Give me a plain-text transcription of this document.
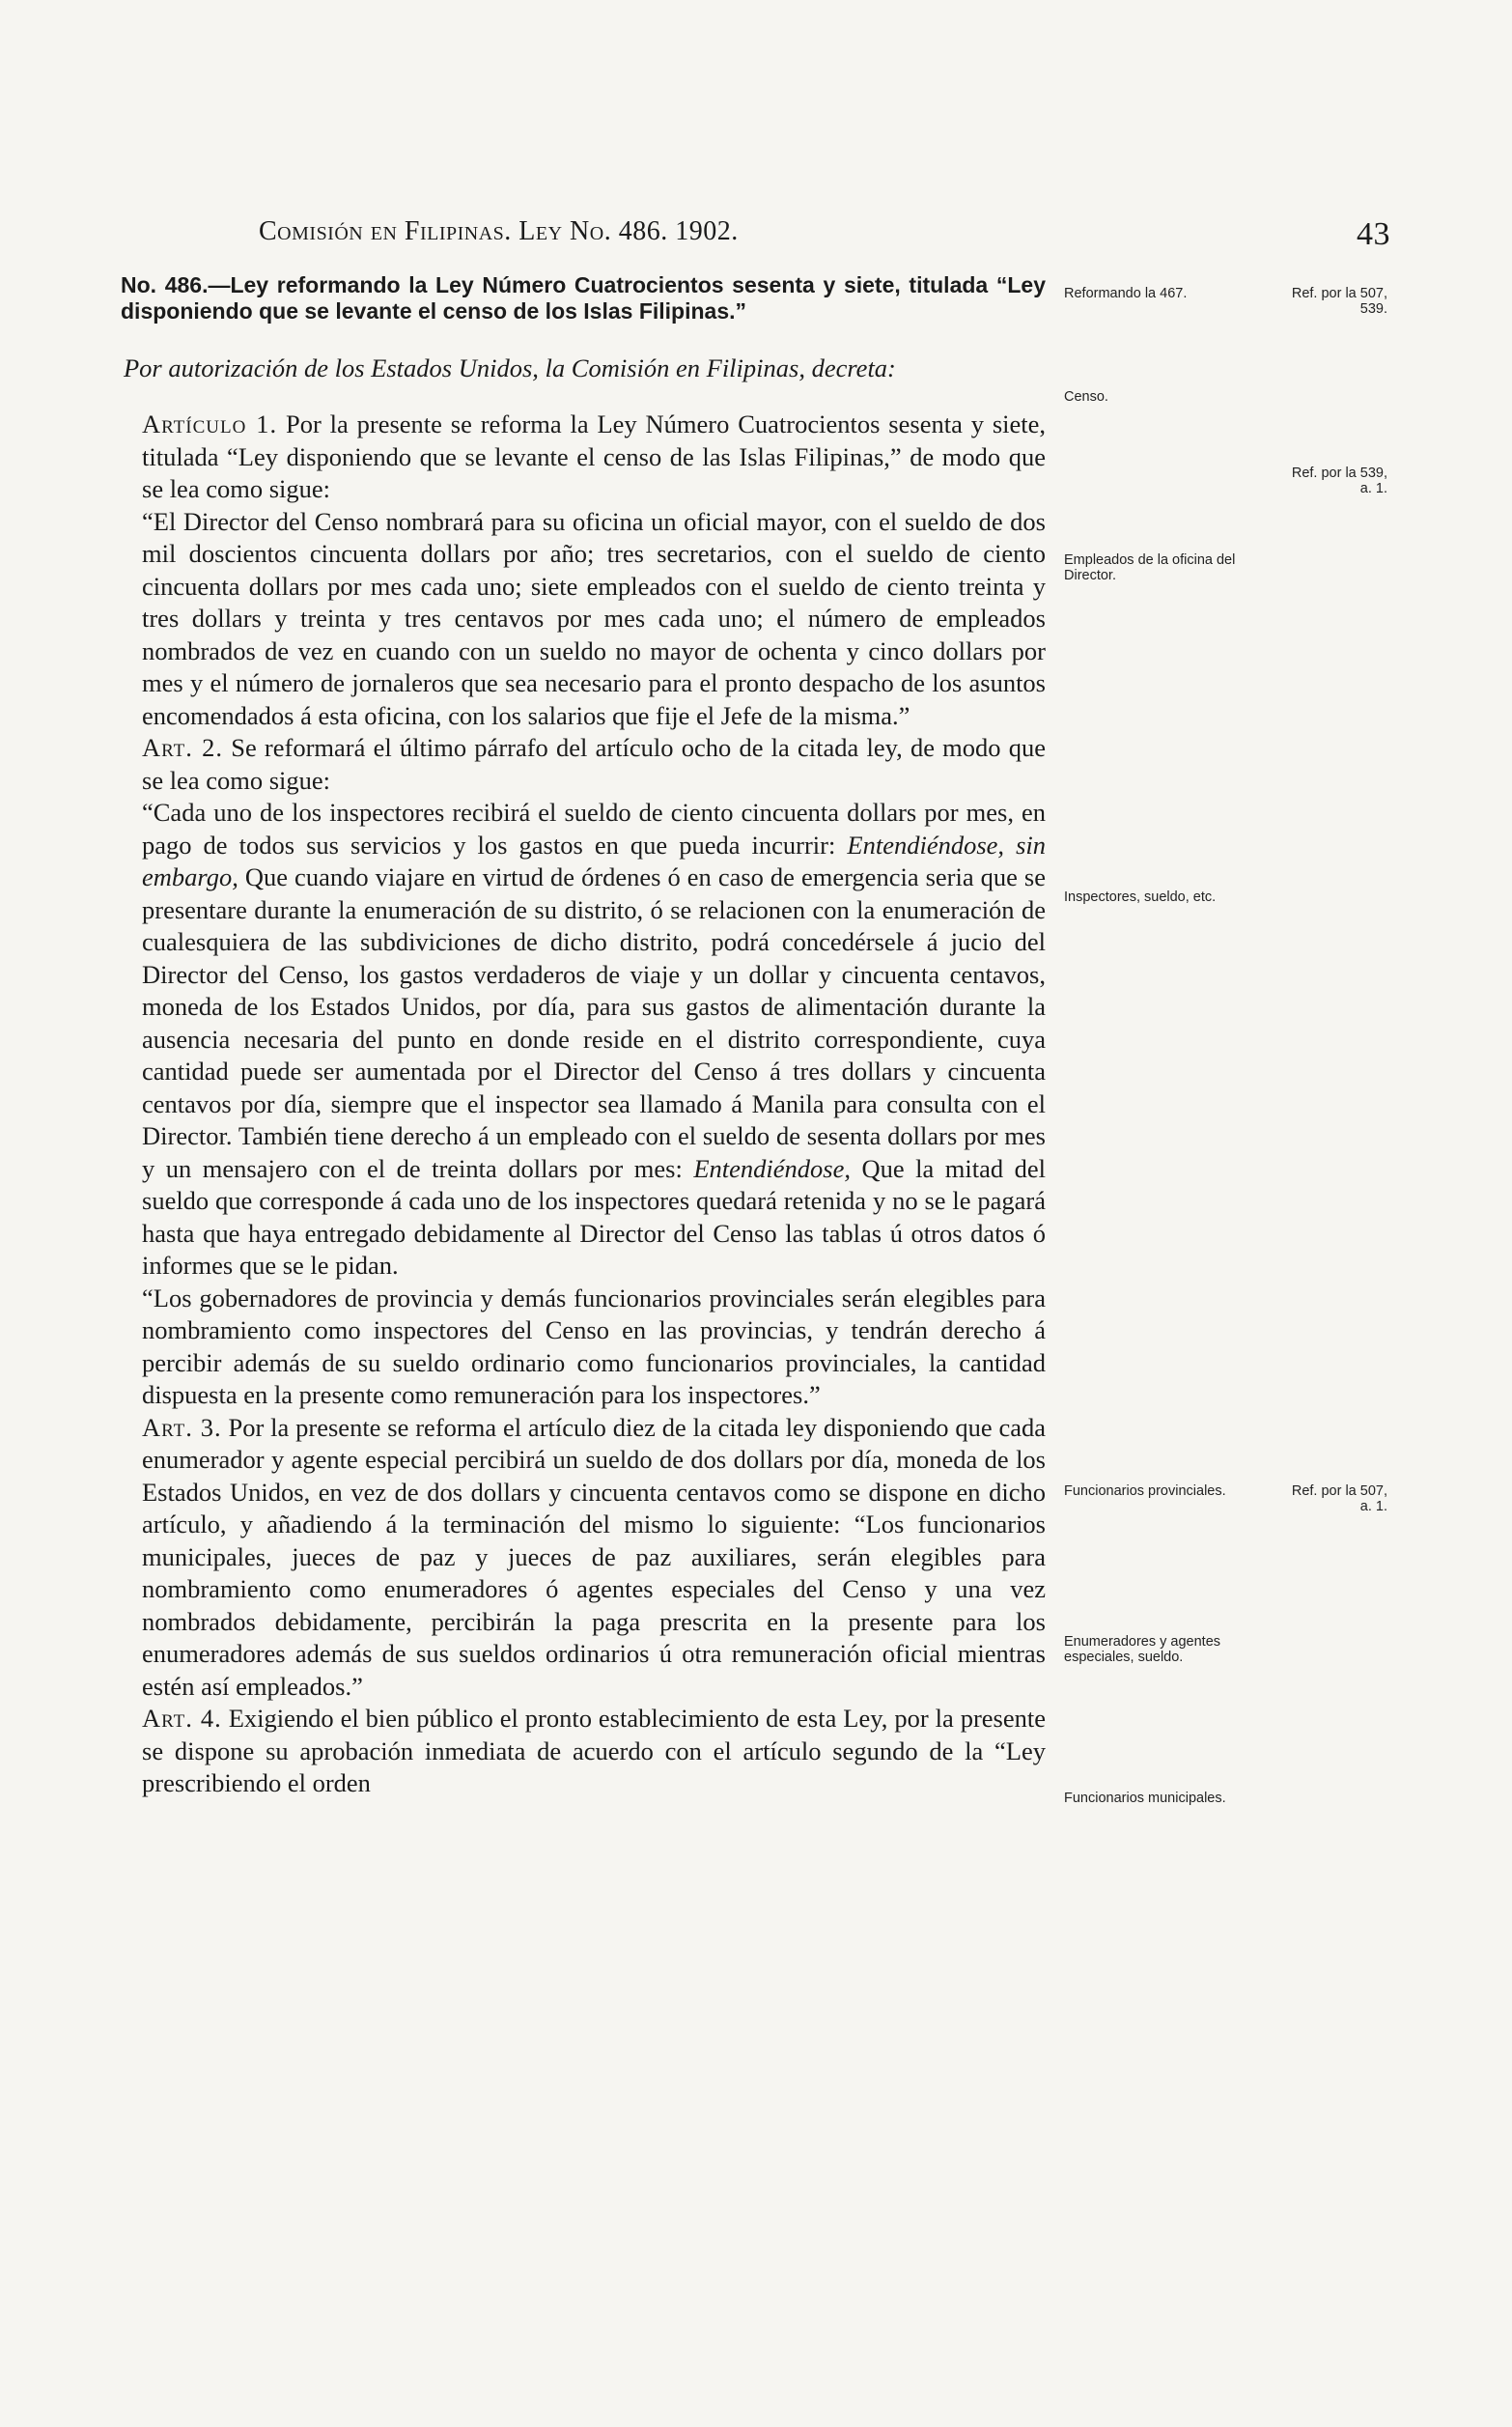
Comisión en Filipinas. Ley No. 486. 1902.	43

No. 486.—Ley reformando la Ley Número Cuatrocientos sesenta y siete, titulada “Ley disponiendo que se levante el censo de los Islas Filipinas.”

Por autorización de los Estados Unidos, la Comisión en Filipinas, decreta:

Artículo 1. Por la presente se reforma la Ley Número Cuatrocientos sesenta y siete, titulada “Ley disponiendo que se levante el censo de las Islas Filipinas,” de modo que se lea como sigue:

“El Director del Censo nombrará para su oficina un oficial mayor, con el sueldo de dos mil doscientos cincuenta dollars por año; tres secretarios, con el sueldo de ciento cincuenta dollars por mes cada uno; siete empleados con el sueldo de ciento treinta y tres dollars y treinta y tres centavos por mes cada uno; el número de empleados nombrados de vez en cuando con un sueldo no mayor de ochenta y cinco dollars por mes y el número de jornaleros que sea necesario para el pronto despacho de los asuntos encomendados á esta oficina, con los salarios que fije el Jefe de la misma.”

Art. 2. Se reformará el último párrafo del artículo ocho de la citada ley, de modo que se lea como sigue:

“Cada uno de los inspectores recibirá el sueldo de ciento cincuenta dollars por mes, en pago de todos sus servicios y los gastos en que pueda incurrir: Entendiéndose, sin embargo, Que cuando viajare en virtud de órdenes ó en caso de emergencia seria que se presentare durante la enumeración de su distrito, ó se relacionen con la enumeración de cualesquiera de las subdiviciones de dicho distrito, podrá concedérsele á jucio del Director del Censo, los gastos verdaderos de viaje y un dollar y cincuenta centavos, moneda de los Estados Unidos, por día, para sus gastos de alimentación durante la ausencia necesaria del punto en donde reside en el distrito correspondiente, cuya cantidad puede ser aumentada por el Director del Censo á tres dollars y cincuenta centavos por día, siempre que el inspector sea llamado á Manila para consulta con el Director. También tiene derecho á un empleado con el sueldo de sesenta dollars por mes y un mensajero con el de treinta dollars por mes: Entendiéndose, Que la mitad del sueldo que corresponde á cada uno de los inspectores quedará retenida y no se le pagará hasta que haya entregado debidamente al Director del Censo las tablas ú otros datos ó informes que se le pidan.

“Los gobernadores de provincia y demás funcionarios provinciales serán elegibles para nombramiento como inspectores del Censo en las provincias, y tendrán derecho á percibir además de su sueldo ordinario como funcionarios provinciales, la cantidad dispuesta en la presente como remuneración para los inspectores.”

Art. 3. Por la presente se reforma el artículo diez de la citada ley disponiendo que cada enumerador y agente especial percibirá un sueldo de dos dollars por día, moneda de los Estados Unidos, en vez de dos dollars y cincuenta centavos como se dispone en dicho artículo, y añadiendo á la terminación del mismo lo siguiente: “Los funcionarios municipales, jueces de paz y jueces de paz auxiliares, serán elegibles para nombramiento como enumeradores ó agentes especiales del Censo y una vez nombrados debidamente, percibirán la paga prescrita en la presente para los enumeradores además de sus sueldos ordinarios ú otra remuneración oficial mientras estén así empleados.”

Art. 4. Exigiendo el bien público el pronto establecimiento de esta Ley, por la presente se dispone su aprobación inmediata de acuerdo con el artículo segundo de la “Ley prescribiendo el orden

Reformando la 467.	Ref. por la 507, 539.
Censo.
Ref. por la 539, a. 1.
Empleados de la oficina del Director.
Inspectores, sueldo, etc.
Funcionarios provinciales.	Ref. por la 507, a. 1.
Enumeradores y agentes especiales, sueldo.
Funcionarios municipales.
